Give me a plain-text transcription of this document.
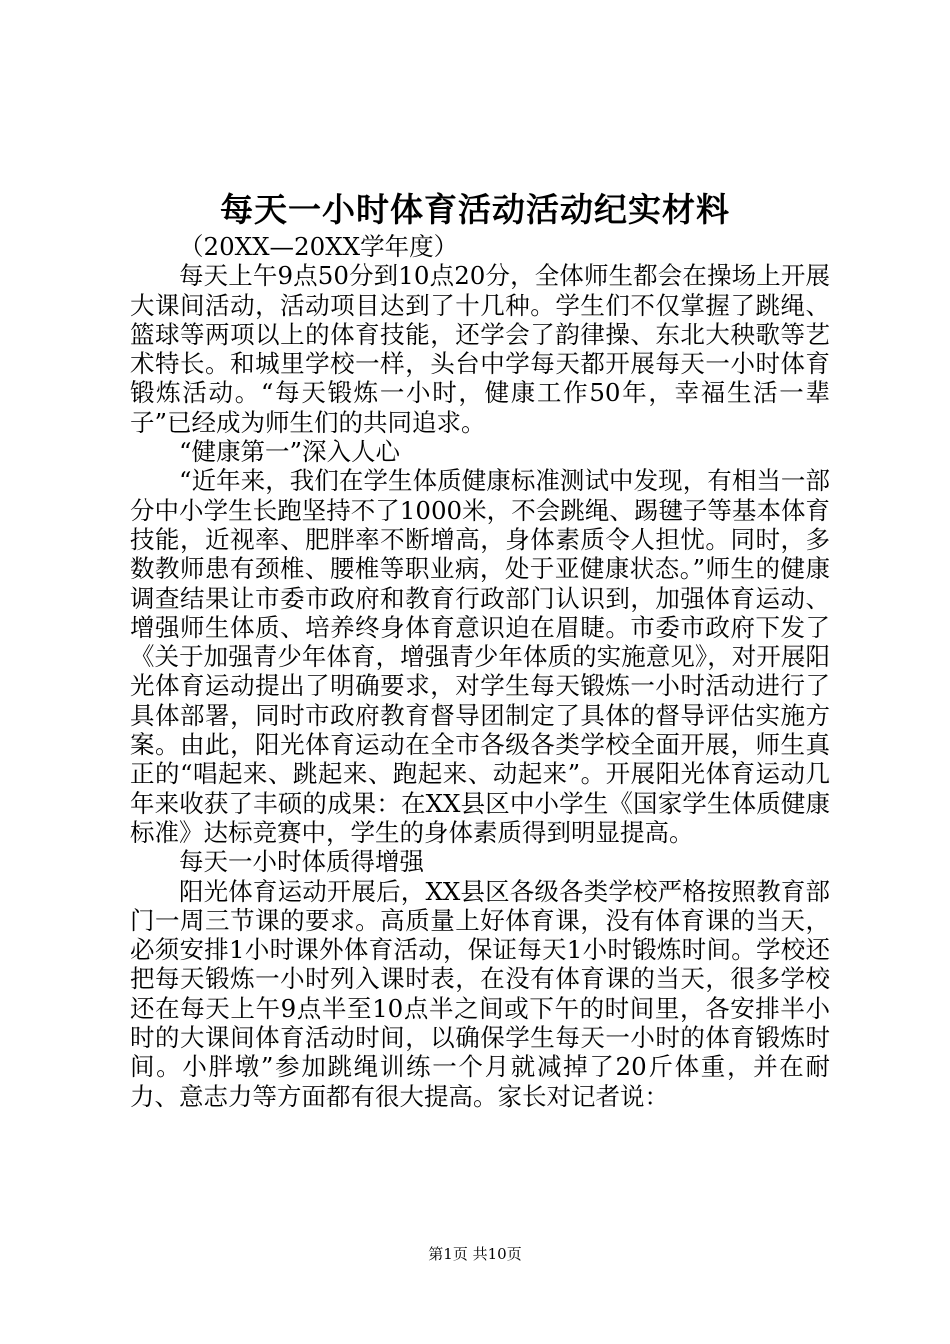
每天一小时体育活动活动纪实材料

（20XX—20XX学年度）

每天上午9点50分到10点20分，全体师生都会在操场上开展大课间活动，活动项目达到了十几种。学生们不仅掌握了跳绳、篮球等两项以上的体育技能，还学会了韵律操、东北大秧歌等艺术特长。和城里学校一样，头台中学每天都开展每天一小时体育锻炼活动。“每天锻炼一小时，健康工作50年，幸福生活一辈子”已经成为师生们的共同追求。

“健康第一”深入人心

“近年来，我们在学生体质健康标准测试中发现，有相当一部分中小学生长跑坚持不了1000米，不会跳绳、踢毽子等基本体育技能，近视率、肥胖率不断增高，身体素质令人担忧。同时，多数教师患有颈椎、腰椎等职业病，处于亚健康状态。”师生的健康调查结果让市委市政府和教育行政部门认识到，加强体育运动、增强师生体质、培养终身体育意识迫在眉睫。市委市政府下发了《关于加强青少年体育，增强青少年体质的实施意见》，对开展阳光体育运动提出了明确要求，对学生每天锻炼一小时活动进行了具体部署，同时市政府教育督导团制定了具体的督导评估实施方案。由此，阳光体育运动在全市各级各类学校全面开展，师生真正的“唱起来、跳起来、跑起来、动起来”。开展阳光体育运动几年来收获了丰硕的成果：在XX县区中小学生《国家学生体质健康标准》达标竞赛中，学生的身体素质得到明显提高。

每天一小时体质得增强

阳光体育运动开展后，XX县区各级各类学校严格按照教育部门一周三节课的要求。高质量上好体育课，没有体育课的当天，必须安排1小时课外体育活动，保证每天1小时锻炼时间。学校还把每天锻炼一小时列入课时表，在没有体育课的当天，很多学校还在每天上午9点半至10点半之间或下午的时间里，各安排半小时的大课间体育活动时间，以确保学生每天一小时的体育锻炼时间。小胖墩”参加跳绳训练一个月就减掉了20斤体重，并在耐力、意志力等方面都有很大提高。家长对记者说：

第1页 共10页
